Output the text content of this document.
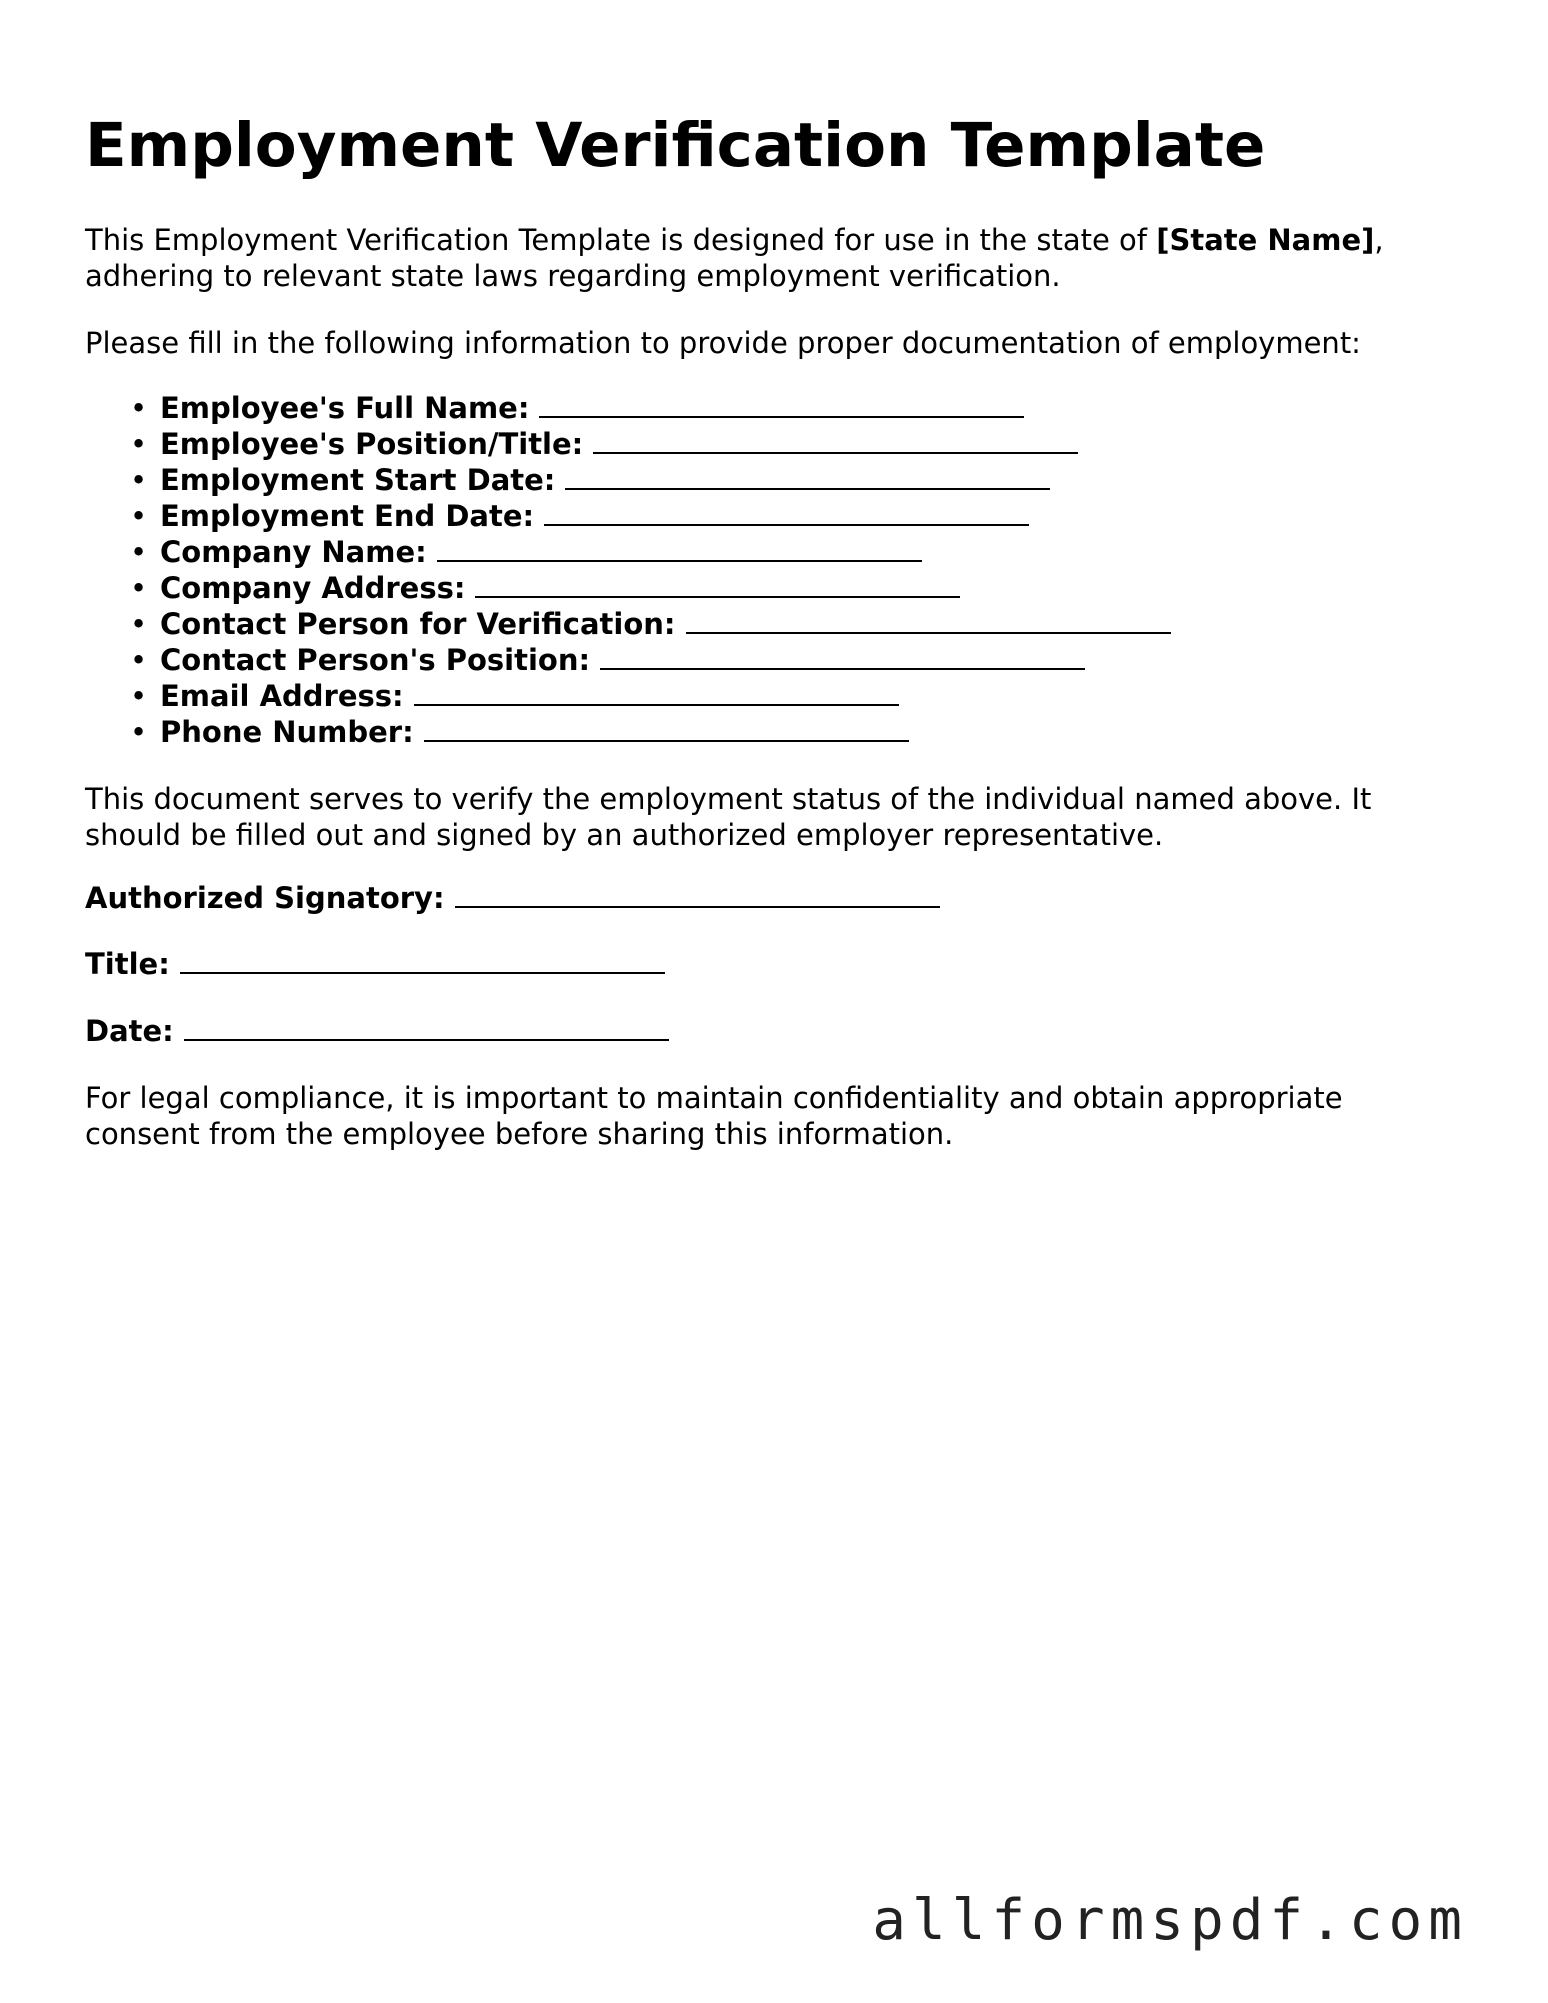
Employment Verification Template

This Employment Verification Template is designed for use in the state of [State Name], adhering to relevant state laws regarding employment verification.

Please fill in the following information to provide proper documentation of employment:

• Employee's Full Name:
• Employee's Position/Title:
• Employment Start Date:
• Employment End Date:
• Company Name:
• Company Address:
• Contact Person for Verification:
• Contact Person's Position:
• Email Address:
• Phone Number:

This document serves to verify the employment status of the individual named above. It should be filled out and signed by an authorized employer representative.

Authorized Signatory:

Title:

Date:

For legal compliance, it is important to maintain confidentiality and obtain appropriate consent from the employee before sharing this information.

allformspdf.com
